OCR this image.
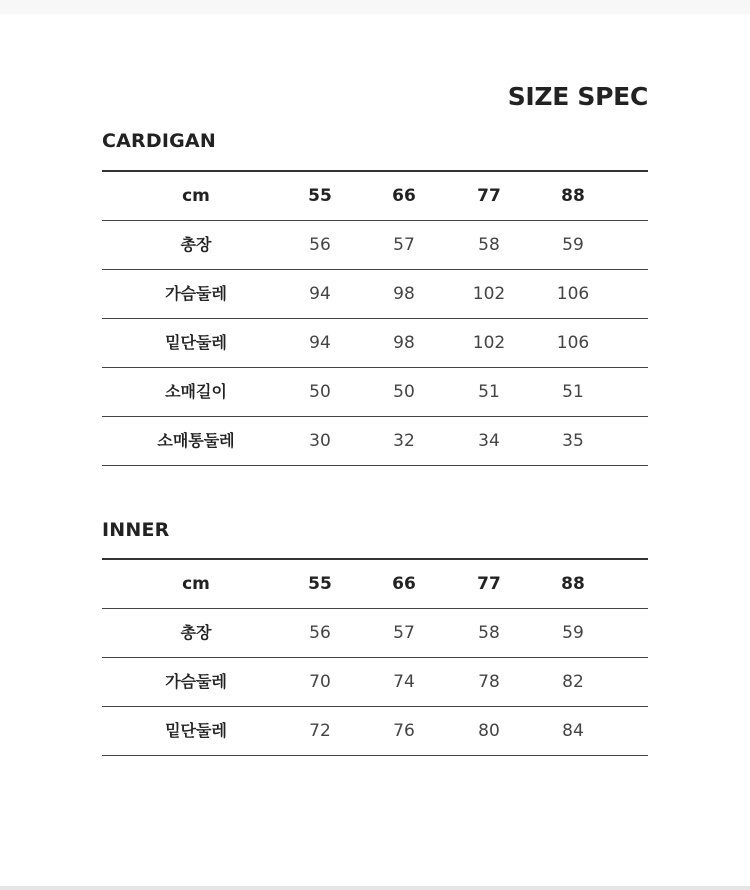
SIZE SPEC
CARDIGAN
cm	55	66	77	88
총장	56	57	58	59
가슴둘레	94	98	102	106
밑단둘레	94	98	102	106
소매길이	50	50	51	51
소매통둘레	30	32	34	35
INNER
cm	55	66	77	88
총장	56	57	58	59
가슴둘레	70	74	78	82
밑단둘레	72	76	80	84
